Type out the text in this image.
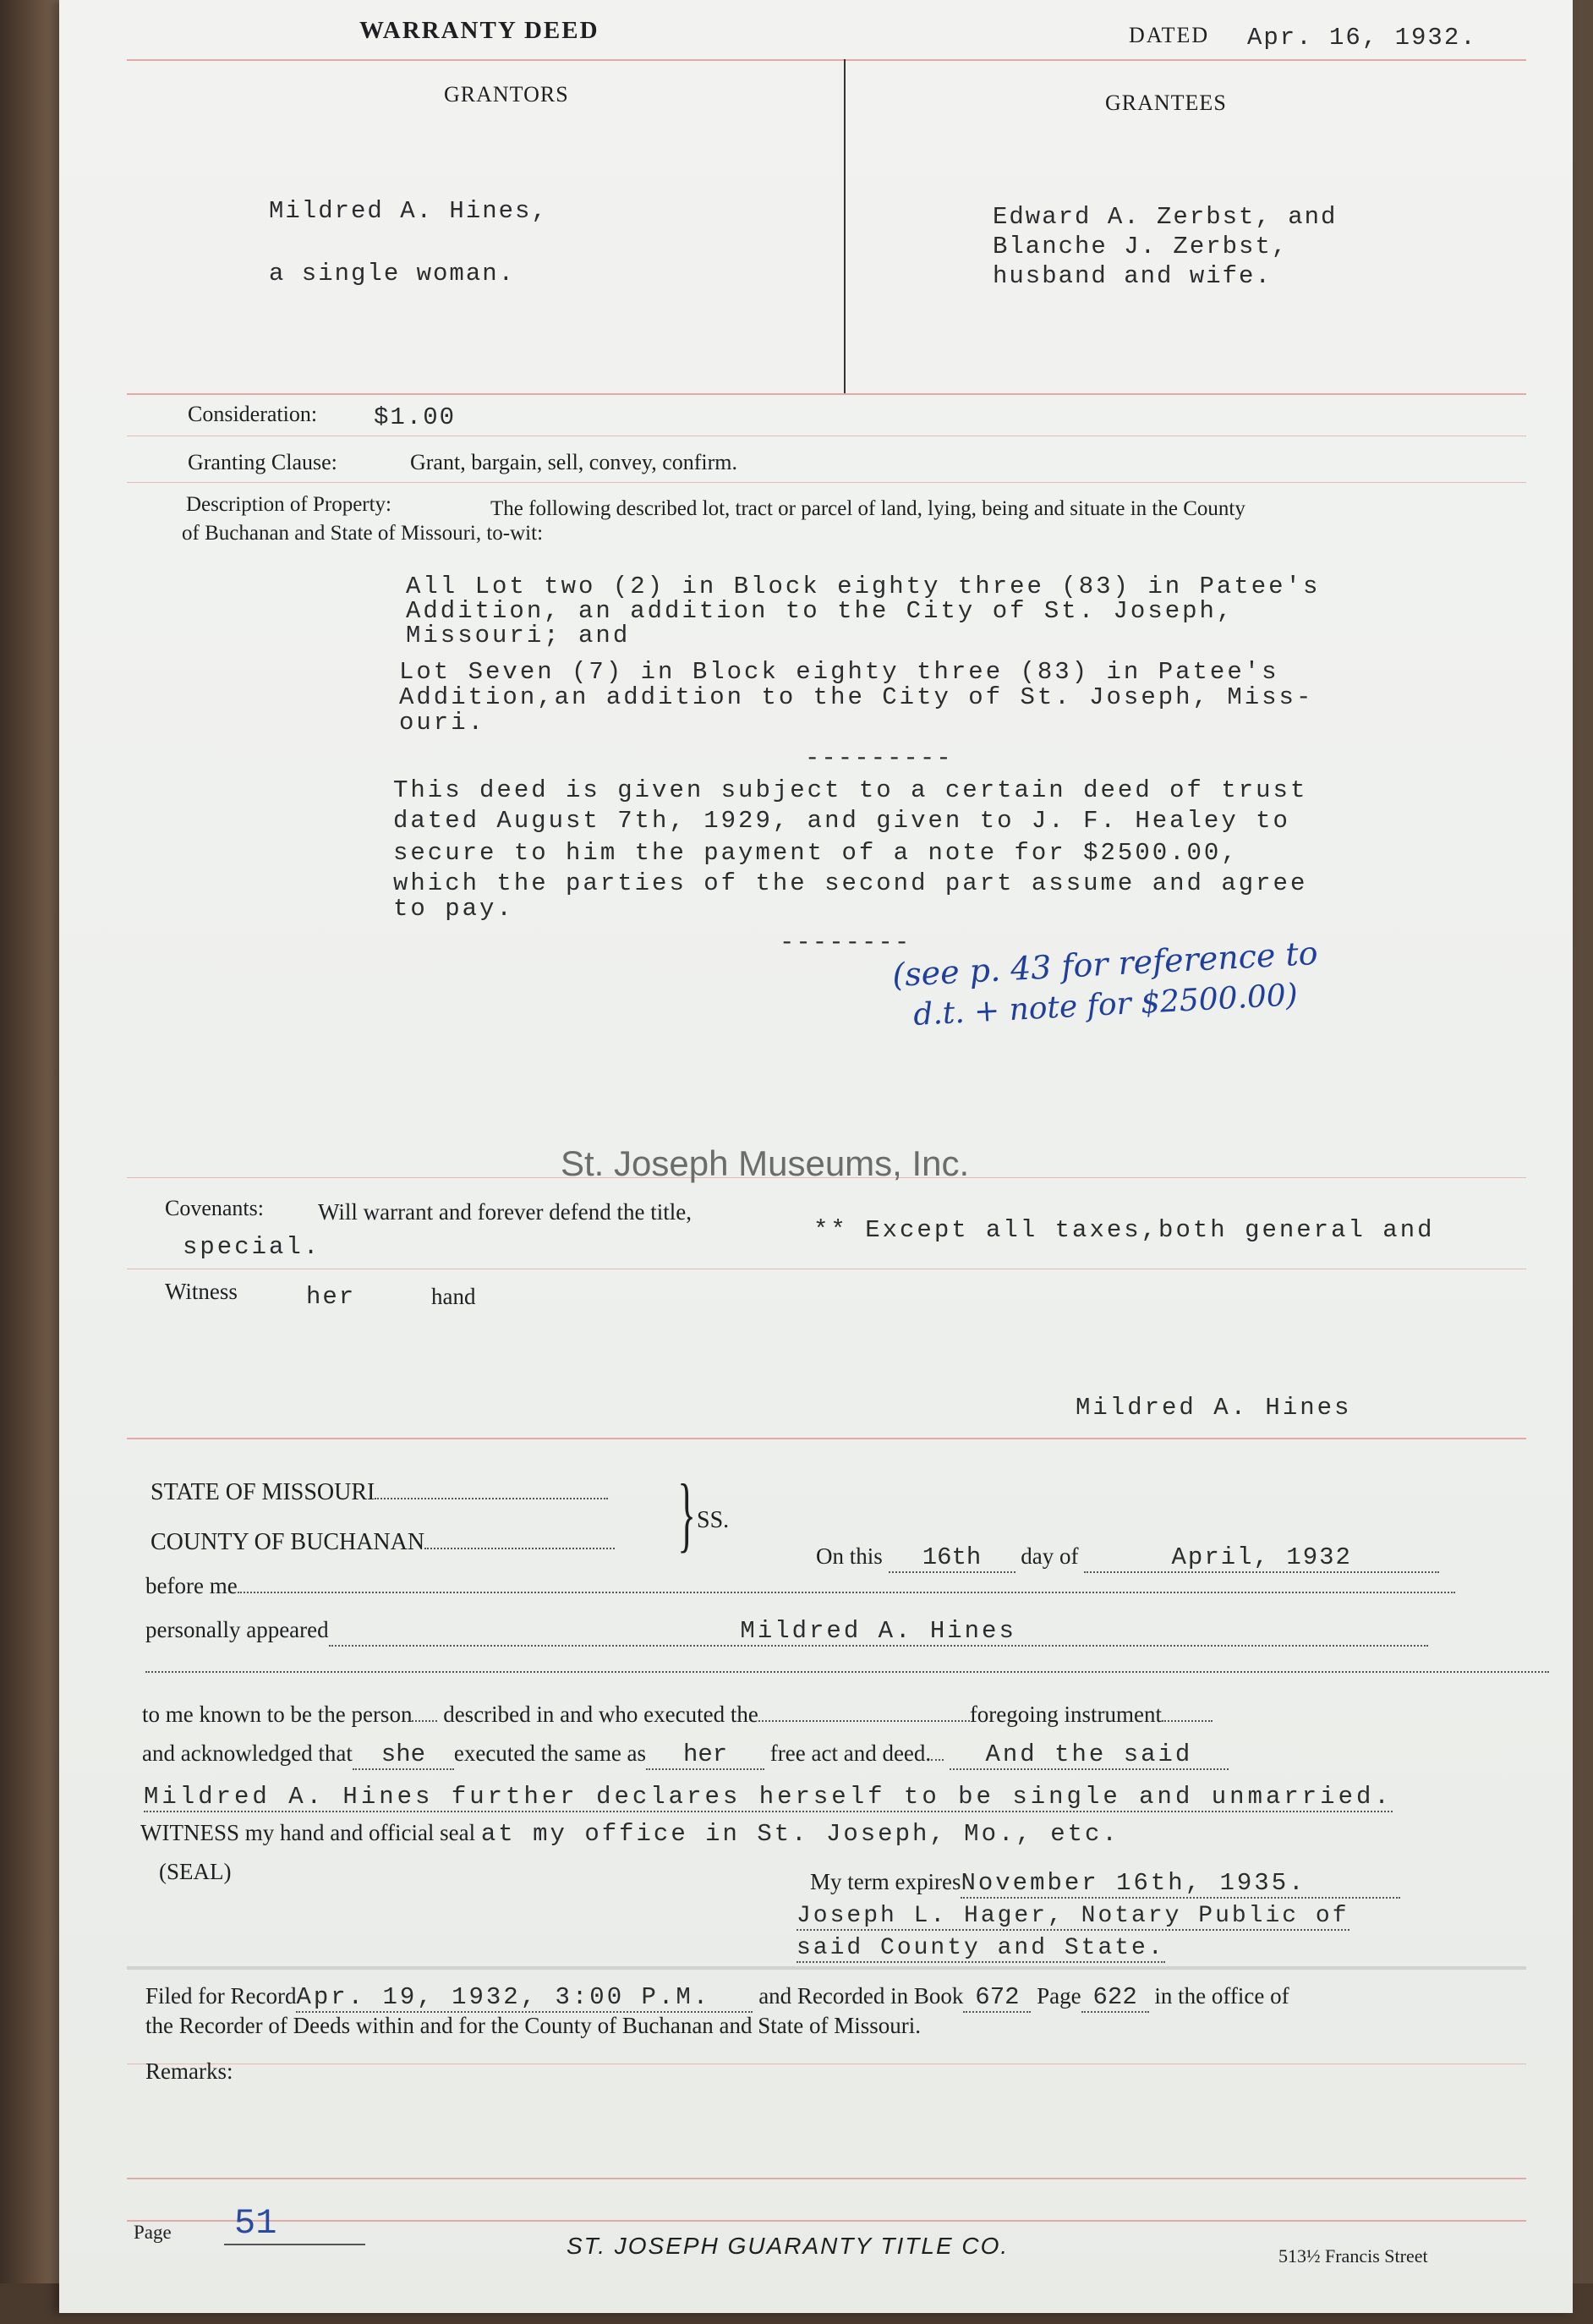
WARRANTY DEED	DATED Apr. 16, 1932.
GRANTORS	GRANTEES
Mildred A. Hines,
a single woman.
Edward A. Zerbst, and
Blanche J. Zerbst,
husband and wife.
Consideration: $1.00
Granting Clause:	Grant, bargain, sell, convey, confirm.
Description of Property:	The following described lot, tract or parcel of land, lying, being and situate in the County
of Buchanan and State of Missouri, to-wit:
All Lot two (2) in Block eighty three (83) in Patee's
Addition, an addition to the City of St. Joseph,
Missouri; and
Lot Seven (7) in Block eighty three (83) in Patee's
Addition,an addition to the City of St. Joseph, Miss-
ouri.
---------
This deed is given subject to a certain deed of trust
dated August 7th, 1929, and given to J. F. Healey to
secure to him the payment of a note for $2500.00,
which the parties of the second part assume and agree
to pay.
--------
(see p. 43 for reference to
d.t. + note for $2500.00)
St. Joseph Museums, Inc.
Covenants: Will warrant and forever defend the title,
** Except all taxes,both general and
special.
Witness	her	hand
Mildred A. Hines
STATE OF MISSOURI
COUNTY OF BUCHANAN	} SS.
On this 16th day of	April, 1932
before me
personally appeared	Mildred A. Hines
to me known to be the person described in and who executed the	foregoing instrument
and acknowledged that she executed the same as her free act and deed. And the said
Mildred A. Hines further declares herself to be single and unmarried.
WITNESS my hand and official seal at my office in St. Joseph, Mo., etc.
(SEAL)	My term expiresNovember 16th, 1935.
Joseph L. Hager, Notary Public of
said County and State.
Filed for RecordApr. 19, 1932, 3:00 P.M. and Recorded in Book 672 Page 622 in the office of
the Recorder of Deeds within and for the County of Buchanan and State of Missouri.
Remarks:
Page 51
ST. JOSEPH GUARANTY TITLE CO.	513½ Francis Street
